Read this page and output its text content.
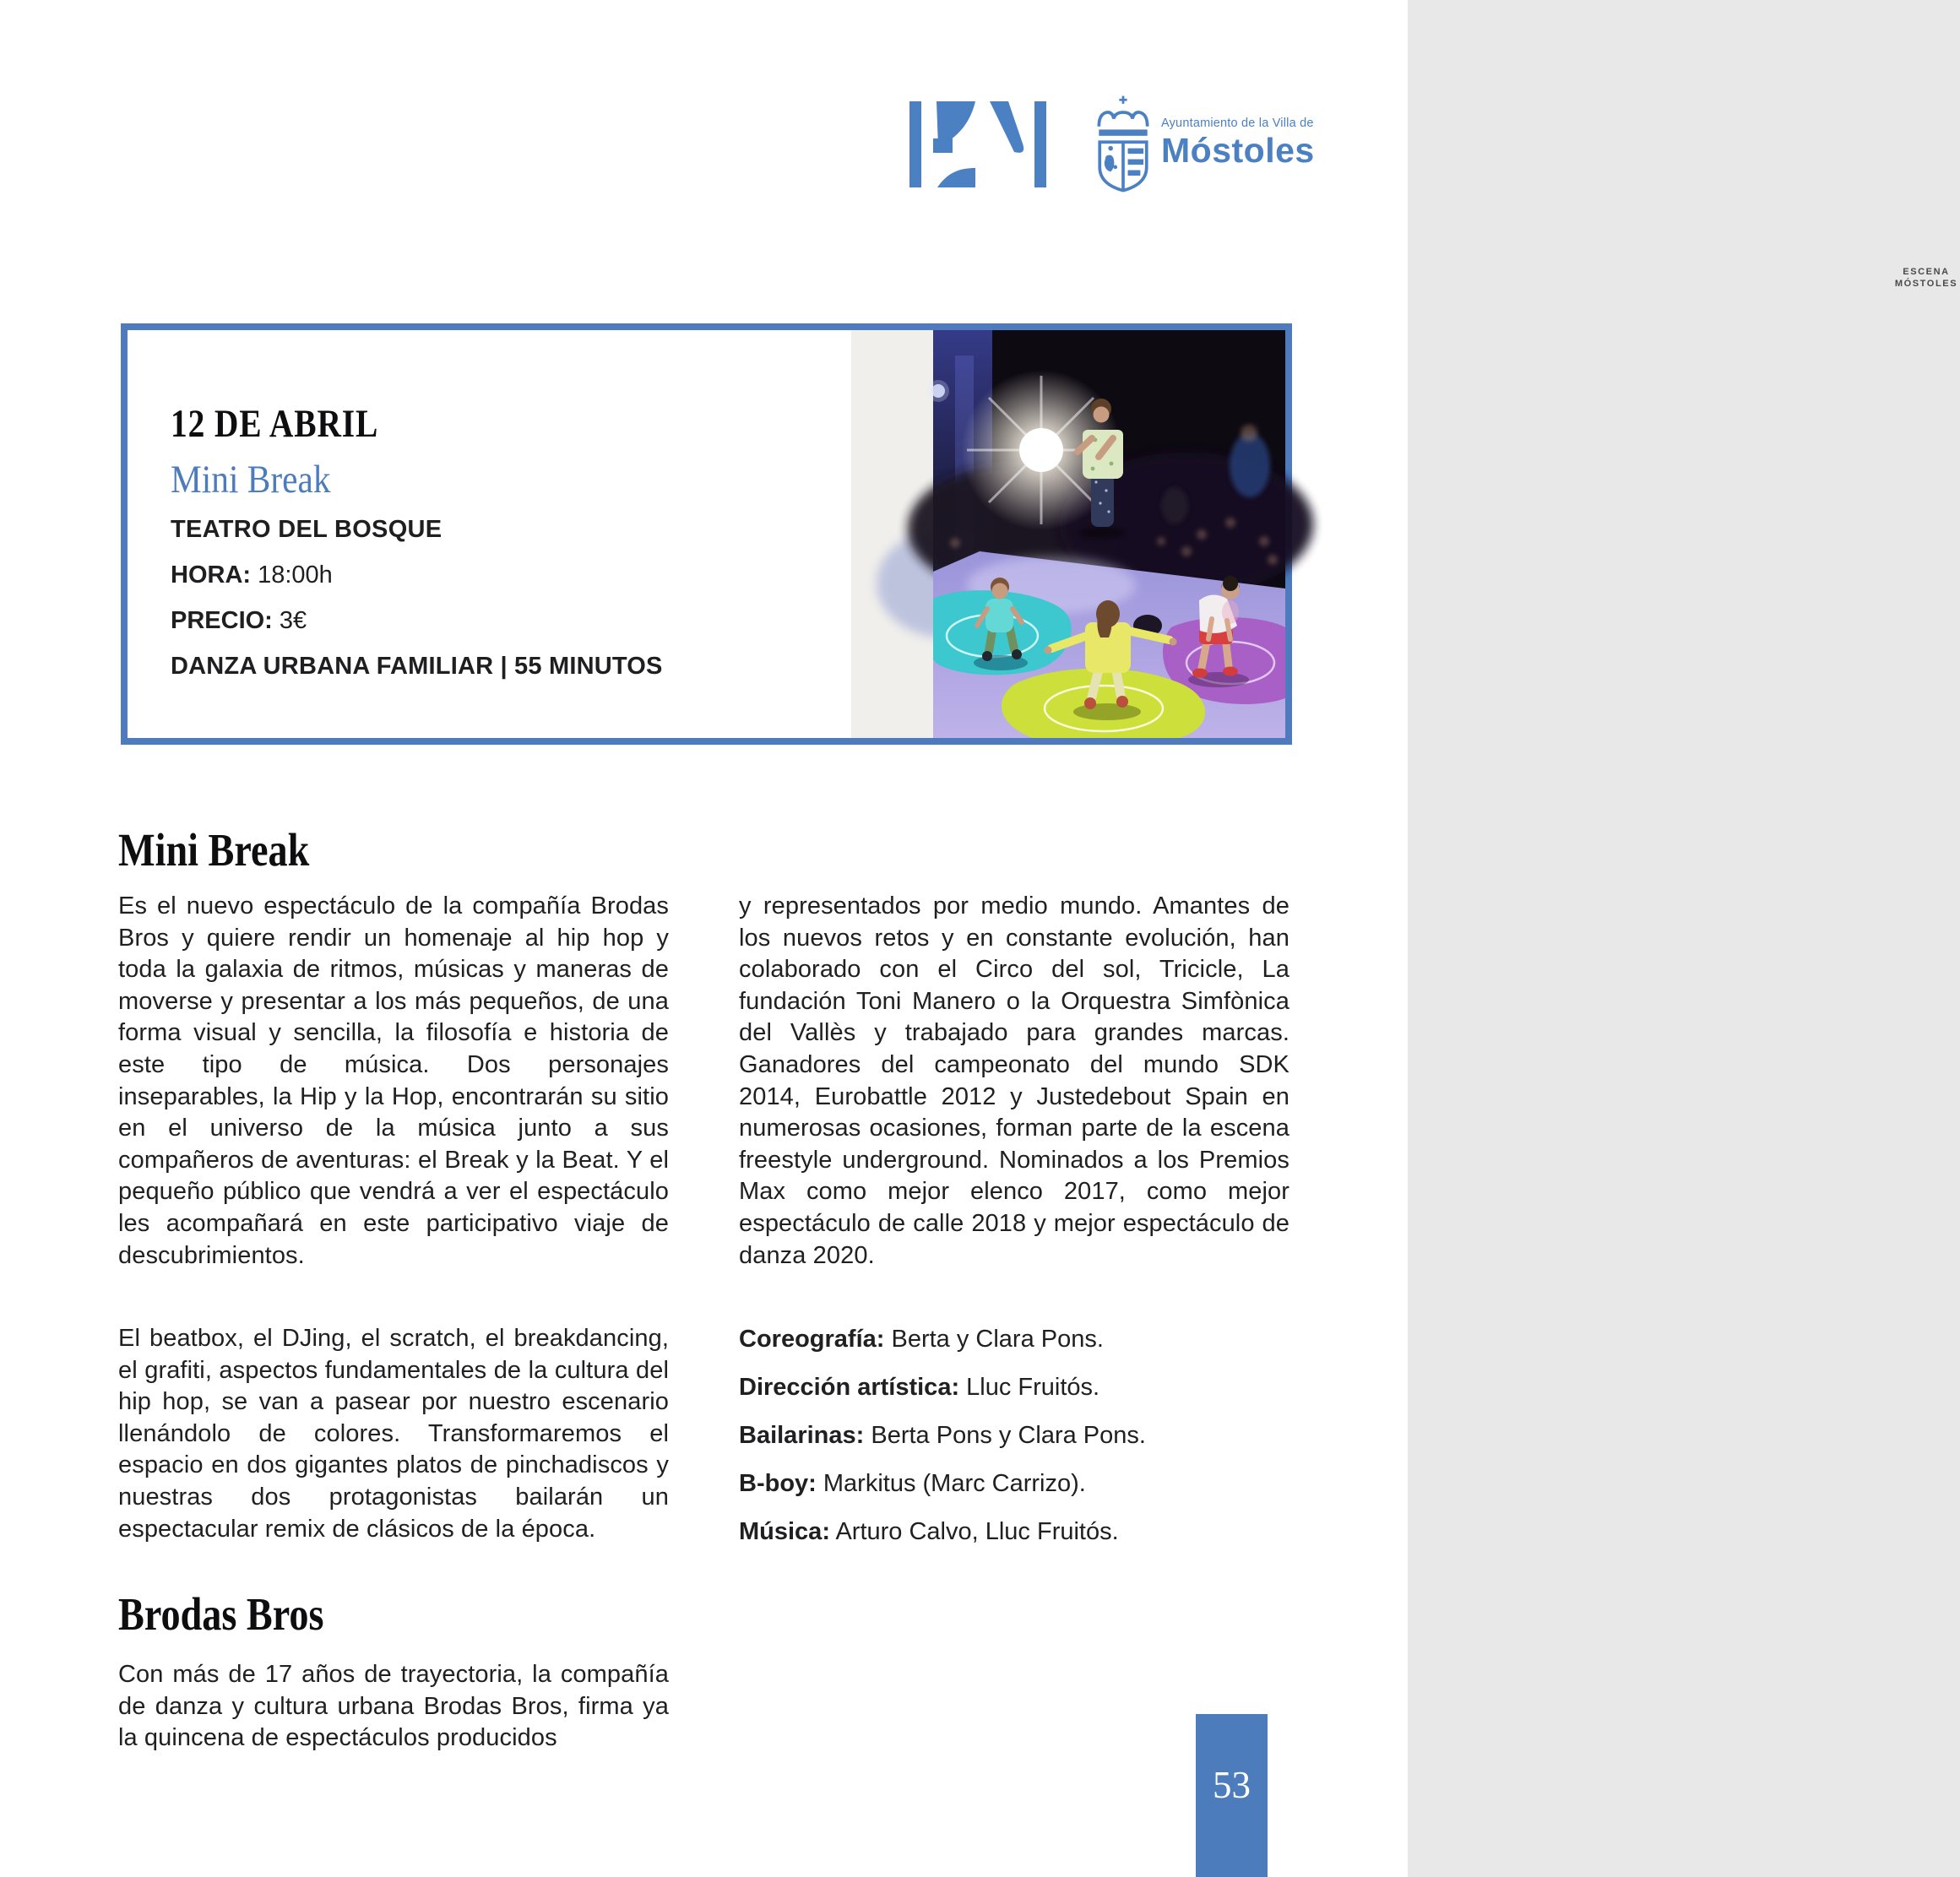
ESCENA
MÓSTOLES
Ayuntamiento de la Villa de
Móstoles
12 DE ABRIL
Mini Break
TEATRO DEL BOSQUE
HORA: 18:00h
PRECIO: 3€
DANZA URBANA FAMILIAR | 55 MINUTOS
Mini Break

Es el nuevo espectáculo de la compañía Brodas Bros y quiere rendir un homenaje al hip hop y toda la galaxia de ritmos, músicas y maneras de moverse y presentar a los más pequeños, de una forma visual y sencilla, la filosofía e historia de este tipo de música. Dos personajes inseparables, la Hip y la Hop, encontrarán su sitio en el universo de la música junto a sus compañeros de aventuras: el Break y la Beat. Y el pequeño público que vendrá a ver el espectáculo les acompañará en este participativo viaje de descubrimientos.

El beatbox, el DJing, el scratch, el breakdancing, el grafiti, aspectos fundamentales de la cultura del hip hop, se van a pasear por nuestro escenario llenándolo de colores. Transformaremos el espacio en dos gigantes platos de pinchadiscos y nuestras dos protagonistas bailarán un espectacular remix de clásicos de la época.

Brodas Bros

Con más de 17 años de trayectoria, la compañía de danza y cultura urbana Brodas Bros, firma ya la quincena de espectáculos producidos

y representados por medio mundo. Amantes de los nuevos retos y en constante evolución, han colaborado con el Circo del sol, Tricicle, La fundación Toni Manero o la Orquestra Simfònica del Vallès y trabajado para grandes marcas. Ganadores del campeonato del mundo SDK 2014, Eurobattle 2012 y Justedebout Spain en numerosas ocasiones, forman parte de la escena freestyle underground. Nominados a los Premios Max como mejor elenco 2017, como mejor espectáculo de calle 2018 y mejor espectáculo de danza 2020.

Coreografía: Berta y Clara Pons.
Dirección artística: Lluc Fruitós.
Bailarinas: Berta Pons y Clara Pons.
B-boy: Markitus (Marc Carrizo).
Música: Arturo Calvo, Lluc Fruitós.
53
